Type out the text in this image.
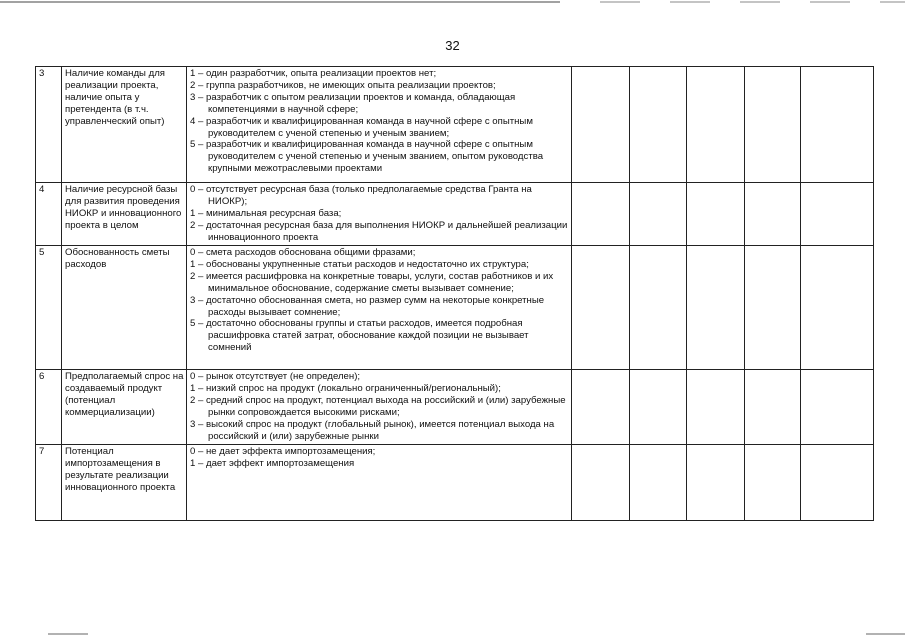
32
3	Наличие команды для реализации проекта, наличие опыта у претендента (в т.ч. управленческий опыт)	1 – один разработчик, опыта реализации проектов нет;
2 – группа разработчиков, не имеющих опыта реализации проектов;
3 – разработчик с опытом реализации проектов и команда, обладающая компетенциями в научной сфере;
4 – разработчик и квалифицированная команда в научной сфере с опытным руководителем с ученой степенью и ученым званием;
5 – разработчик и квалифицированная команда в научной сфере с опытным руководителем с ученой степенью и ученым званием, опытом руководства крупными межотраслевыми проектами					

4	Наличие ресурсной базы для развития проведения НИОКР и инновационного проекта в целом	0 – отсутствует ресурсная база (только предполагаемые средства Гранта на НИОКР);
1 – минимальная ресурсная база;
2 – достаточная ресурсная база для выполнения НИОКР и дальнейшей реализации инновационного проекта					

5	Обоснованность сметы расходов	0 – смета расходов обоснована общими фразами;
1 – обоснованы укрупненные статьи расходов и недостаточно их структура;
2 – имеется расшифровка на конкретные товары, услуги, состав работников и их минимальное обоснование, содержание сметы вызывает сомнение;
3 – достаточно обоснованная смета, но размер сумм на некоторые конкретные расходы вызывает сомнение;
5 – достаточно обоснованы группы и статьи расходов, имеется подробная расшифровка статей затрат, обоснование каждой позиции не вызывает сомнений					

6	Предполагаемый спрос на создаваемый продукт (потенциал коммерциализации)	0 – рынок отсутствует (не определен);
1 – низкий спрос на продукт (локально ограниченный/региональный);
2 – средний спрос на продукт, потенциал выхода на российский и (или) зарубежные рынки сопровождается высокими рисками;
3 – высокий спрос на продукт (глобальный рынок), имеется потенциал выхода на российский и (или) зарубежные рынки					

7	Потенциал импортозамещения в результате реализации инновационного проекта	0 – не дает эффекта импортозамещения;
1 – дает эффект импортозамещения					
